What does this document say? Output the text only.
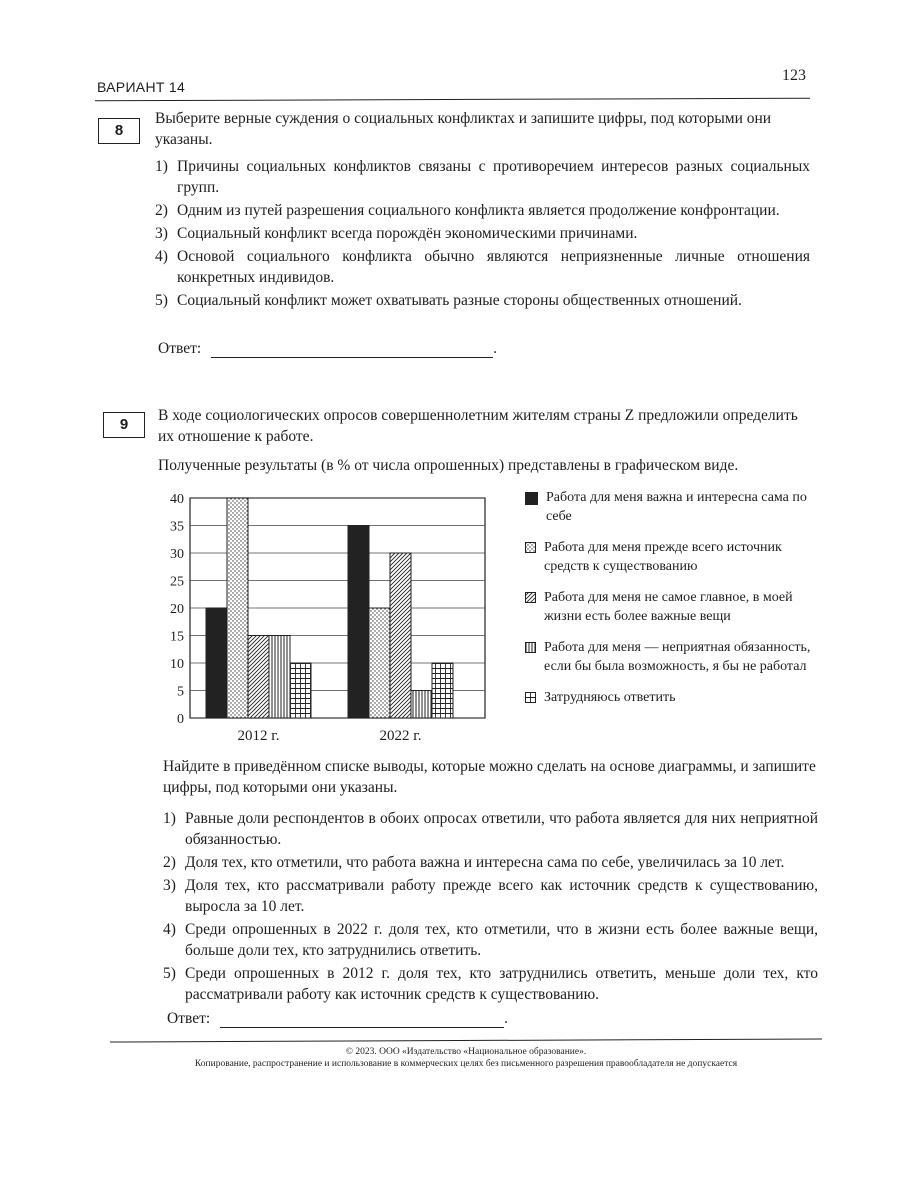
ВАРИАНТ 14
123
8

Выберите верные суждения о социальных конфликтах и запишите цифры, под которыми они указаны.

1) Причины социальных конфликтов связаны с противоречием интересов разных социальных групп.
2) Одним из путей разрешения социального конфликта является продолжение конфронтации.
3) Социальный конфликт всегда порождён экономическими причинами.
4) Основой социального конфликта обычно являются неприязненные личные отношения конкретных индивидов.
5) Социальный конфликт может охватывать разные стороны общественных отношений.
Ответ:	.
9

В ходе социологических опросов совершеннолетним жителям страны Z предложили определить их отношение к работе.

Полученные результаты (в % от числа опрошенных) представлены в графическом виде.

0
5
10
15
20
25
30
35
40
2012 г.	2022 г.
Работа для меня важна и интересна сама по себе
Работа для меня прежде всего источник средств к существованию
Работа для меня не самое главное, в моей жизни есть более важные вещи
Работа для меня — неприятная обязанность, если бы была возможность, я бы не работал
Затрудняюсь ответить

Найдите в приведённом списке выводы, которые можно сделать на основе диаграммы, и запишите цифры, под которыми они указаны.

1) Равные доли респондентов в обоих опросах ответили, что работа является для них неприятной обязанностью.
2) Доля тех, кто отметили, что работа важна и интересна сама по себе, увеличилась за 10 лет.
3) Доля тех, кто рассматривали работу прежде всего как источник средств к существованию, выросла за 10 лет.
4) Среди опрошенных в 2022 г. доля тех, кто отметили, что в жизни есть более важные вещи, больше доли тех, кто затруднились ответить.
5) Среди опрошенных в 2012 г. доля тех, кто затруднились ответить, меньше доли тех, кто рассматривали работу как источник средств к существованию.
Ответ:	.
© 2023. ООО «Издательство «Национальное образование».
Копирование, распространение и использование в коммерческих целях без письменного разрешения правообладателя не допускается
